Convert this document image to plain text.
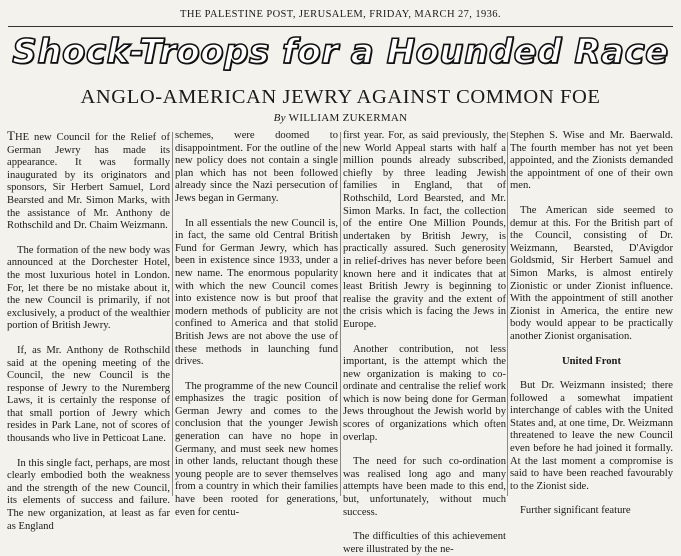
THE PALESTINE POST, JERUSALEM, FRIDAY, MARCH 27, 1936.
Shock-Troops for a Hounded Race
ANGLO-AMERICAN JEWRY AGAINST COMMON FOE
By WILLIAM ZUKERMAN

THE new Council for the Relief of German Jewry has made its appearance. It was formally inaugurated by its originators and sponsors, Sir Herbert Samuel, Lord Bearsted and Mr. Simon Marks, with the assistance of Mr. Anthony de Rothschild and Dr. Chaim Weizmann.

The formation of the new body was announced at the Dorchester Hotel, the most luxurious hotel in London. For, let there be no mistake about it, the new Council is primarily, if not exclusively, a product of the wealthier portion of British Jewry.

If, as Mr. Anthony de Rothschild said at the opening meeting of the Council, the new Council is the response of Jewry to the Nuremberg Laws, it is certainly the response of that small portion of Jewry which resides in Park Lane, not of scores of thousands who live in Petticoat Lane.

In this single fact, perhaps, are most clearly embodied both the weakness and the strength of the new Council, its elements of success and failure. The new organization, at least as far as England

schemes, were doomed to disappointment. For the outline of the new policy does not contain a single plan which has not been followed already since the Nazi persecution of Jews began in Germany.

In all essentials the new Council is, in fact, the same old Central British Fund for German Jewry, which has been in existence since 1933, under a new name. The enormous popularity with which the new Council comes into existence now is but proof that modern methods of publicity are not confined to America and that stolid British Jews are not above the use of these methods in launching fund drives.

The programme of the new Council emphasizes the tragic position of German Jewry and comes to the conclusion that the younger Jewish generation can have no hope in Germany, and must seek new homes in other lands, reluctant though these young people are to sever themselves from a country in which their families have been rooted for generations, even for centu-

first year. For, as said previously, the new World Appeal starts with half a million pounds already subscribed, chiefly by three leading Jewish families in England, that of Rothschild, Lord Bearsted, and Mr. Simon Marks. In fact, the collection of the entire One Million Pounds, undertaken by British Jewry, is practically assured. Such generosity in relief-drives has never before been known here and it indicates that at least British Jewry is beginning to realise the gravity and the extent of the crisis which is facing the Jews in Europe.

Another contribution, not less important, is the attempt which the new organization is making to co-ordinate and centralise the relief work which is now being done for German Jews throughout the Jewish world by scores of organizations which often overlap.

The need for such co-ordination was realised long ago and many attempts have been made to this end, but, unfortunately, without much success.

The difficulties of this achievement were illustrated by the ne-

Stephen S. Wise and Mr. Baerwald. The fourth member has not yet been appointed, and the Zionists demanded the appointment of one of their own men.

The American side seemed to demur at this. For the British part of the Council, consisting of Dr. Weizmann, Bearsted, D'Avigdor Goldsmid, Sir Herbert Samuel and Simon Marks, is almost entirely Zionistic or under Zionist influence. With the appointment of still another Zionist in America, the entire new body would appear to be practically another Zionist organisation.

United Front

But Dr. Weizmann insisted; there followed a somewhat impatient interchange of cables with the United States and, at one time, Dr. Weizmann threatened to leave the new Council even before he had joined it formally. At the last moment a compromise is said to have been reached favourably to the Zionist side.

Further significant feature
